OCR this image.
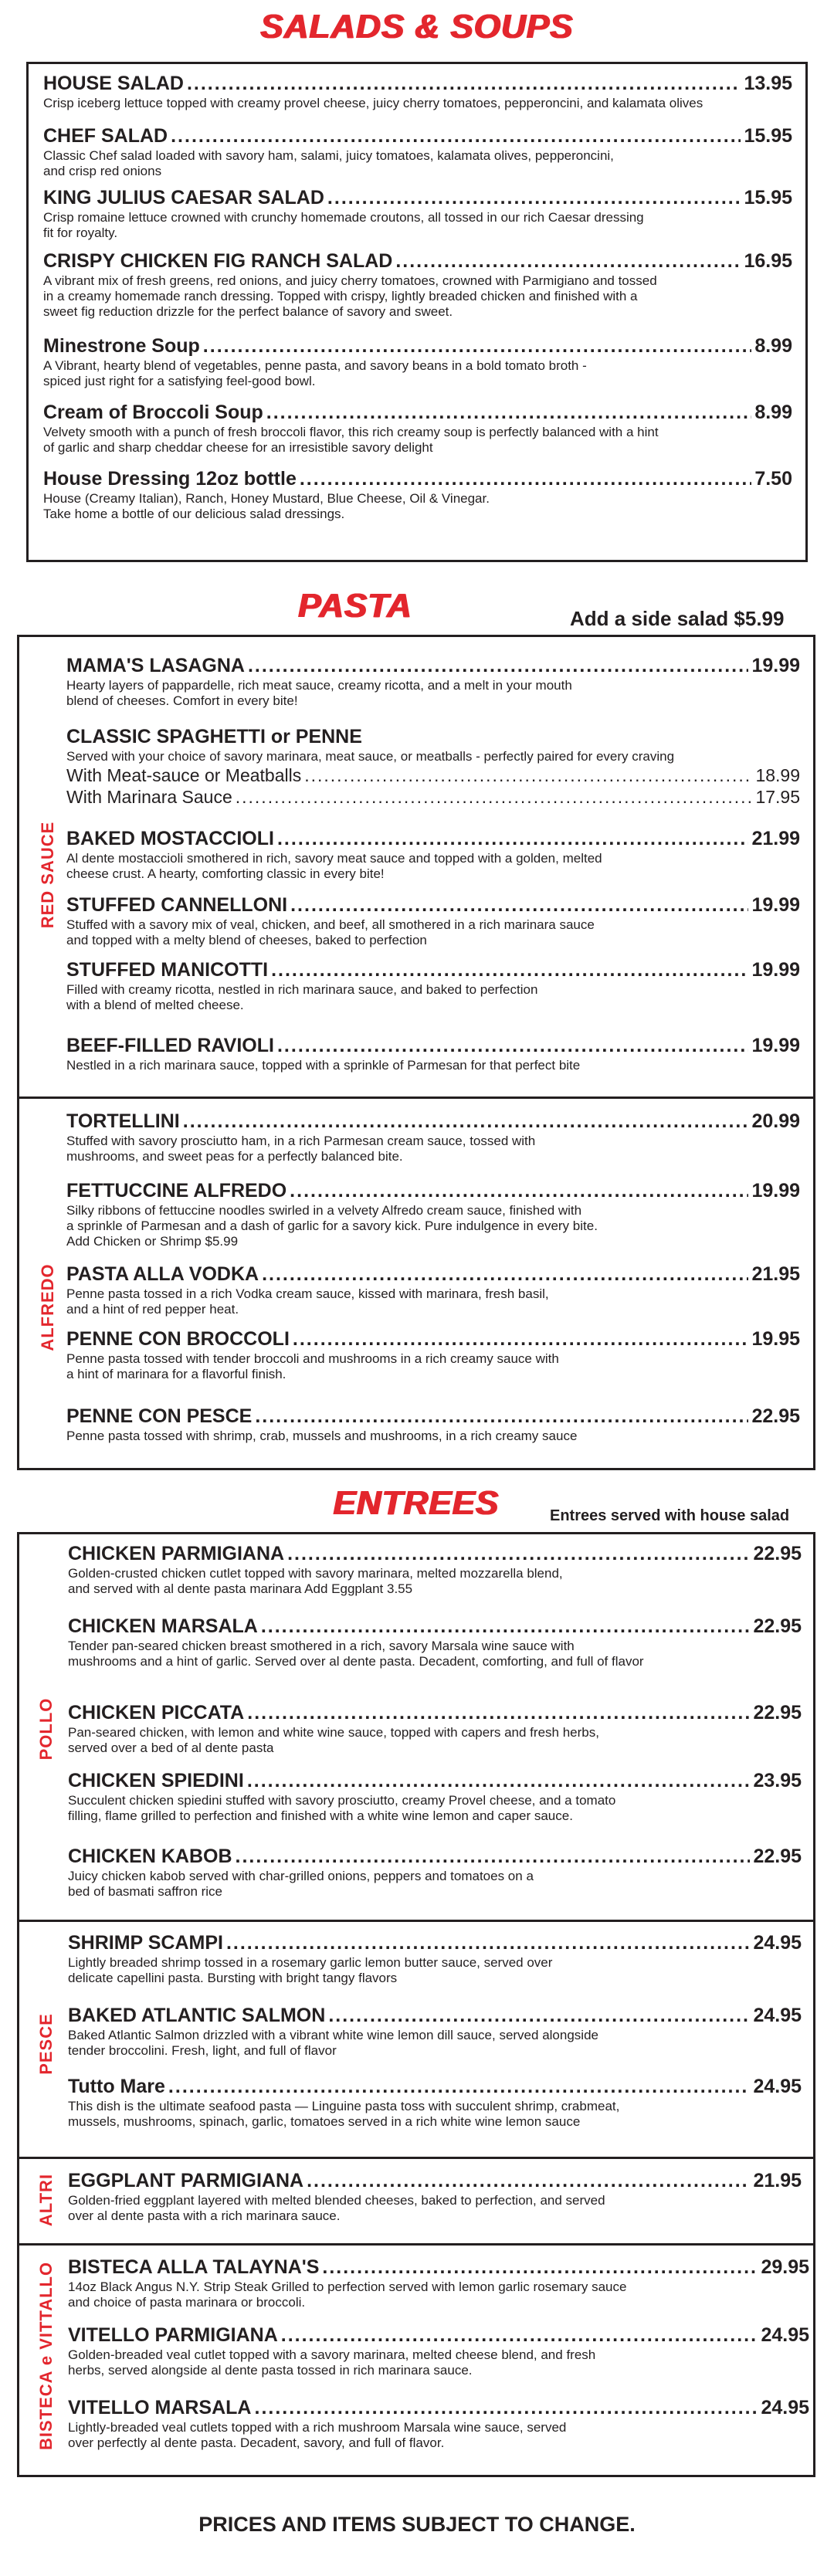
SALADS & SOUPS
HOUSE SALAD .....	13.95
Crisp iceberg lettuce topped with creamy provel cheese, juicy cherry tomatoes, pepperoncini, and kalamata olives
CHEF SALAD .....	15.95
Classic Chef salad loaded with savory ham, salami, juicy tomatoes, kalamata olives, pepperoncini,
and crisp red onions
KING JULIUS CAESAR SALAD .....	15.95
Crisp romaine lettuce crowned with crunchy homemade croutons, all tossed in our rich Caesar dressing
fit for royalty.
CRISPY CHICKEN FIG RANCH SALAD .....	16.95
A vibrant mix of fresh greens, red onions, and juicy cherry tomatoes, crowned with Parmigiano and tossed
in a creamy homemade ranch dressing. Topped with crispy, lightly breaded chicken and finished with a
sweet fig reduction drizzle for the perfect balance of savory and sweet.
Minestrone Soup .....	8.99
A Vibrant, hearty blend of vegetables, penne pasta, and savory beans in a bold tomato broth -
spiced just right for a satisfying feel-good bowl.
Cream of Broccoli Soup .....	8.99
Velvety smooth with a punch of fresh broccoli flavor, this rich creamy soup is perfectly balanced with a hint
of garlic and sharp cheddar cheese for an irresistible savory delight
House Dressing 12oz bottle .....	7.50
House (Creamy Italian), Ranch, Honey Mustard, Blue Cheese, Oil & Vinegar.
Take home a bottle of our delicious salad dressings.
PASTA	Add a side salad $5.99
RED SAUCE
ALFREDO
MAMA'S LASAGNA .....	19.99
Hearty layers of pappardelle, rich meat sauce, creamy ricotta, and a melt in your mouth
blend of cheeses. Comfort in every bite!
CLASSIC SPAGHETTI or PENNE
Served with your choice of savory marinara, meat sauce, or meatballs - perfectly paired for every craving
BAKED MOSTACCIOLI .....	21.99
Al dente mostaccioli smothered in rich, savory meat sauce and topped with a golden, melted
cheese crust. A hearty, comforting classic in every bite!
STUFFED CANNELLONI .....	19.99
Stuffed with a savory mix of veal, chicken, and beef, all smothered in a rich marinara sauce
and topped with a melty blend of cheeses, baked to perfection
STUFFED MANICOTTI .....	19.99
Filled with creamy ricotta, nestled in rich marinara sauce, and baked to perfection
with a blend of melted cheese.
BEEF-FILLED RAVIOLI .....	19.99
Nestled in a rich marinara sauce, topped with a sprinkle of Parmesan for that perfect bite
With Meat-sauce or Meatballs .....	18.99
With Marinara Sauce .....	17.95
TORTELLINI .....	20.99
Stuffed with savory prosciutto ham, in a rich Parmesan cream sauce, tossed with
mushrooms, and sweet peas for a perfectly balanced bite.
FETTUCCINE ALFREDO .....	19.99
Silky ribbons of fettuccine noodles swirled in a velvety Alfredo cream sauce, finished with
a sprinkle of Parmesan and a dash of garlic for a savory kick. Pure indulgence in every bite.
Add Chicken or Shrimp $5.99
PASTA ALLA VODKA .....	21.95
Penne pasta tossed in a rich Vodka cream sauce, kissed with marinara, fresh basil,
and a hint of red pepper heat.
PENNE CON BROCCOLI .....	19.95
Penne pasta tossed with tender broccoli and mushrooms in a rich creamy sauce with
a hint of marinara for a flavorful finish.
PENNE CON PESCE .....	22.95
Penne pasta tossed with shrimp, crab, mussels and mushrooms, in a rich creamy sauce
ENTREES	Entrees served with house salad
POLLO
PESCE
ALTRI
BISTECA e VITTALLO
CHICKEN PARMIGIANA .....	22.95
Golden-crusted chicken cutlet topped with savory marinara, melted mozzarella blend,
and served with al dente pasta marinara Add Eggplant 3.55
CHICKEN MARSALA .....	22.95
Tender pan-seared chicken breast smothered in a rich, savory Marsala wine sauce with
mushrooms and a hint of garlic. Served over al dente pasta. Decadent, comforting, and full of flavor
CHICKEN PICCATA .....	22.95
Pan-seared chicken, with lemon and white wine sauce, topped with capers and fresh herbs,
served over a bed of al dente pasta
CHICKEN SPIEDINI .....	23.95
Succulent chicken spiedini stuffed with savory prosciutto, creamy Provel cheese, and a tomato
filling, flame grilled to perfection and finished with a white wine lemon and caper sauce.
CHICKEN KABOB .....	22.95
Juicy chicken kabob served with char-grilled onions, peppers and tomatoes on a
bed of basmati saffron rice
SHRIMP SCAMPI .....	24.95
Lightly breaded shrimp tossed in a rosemary garlic lemon butter sauce, served over
delicate capellini pasta. Bursting with bright tangy flavors
BAKED ATLANTIC SALMON .....	24.95
Baked Atlantic Salmon drizzled with a vibrant white wine lemon dill sauce, served alongside
tender broccolini. Fresh, light, and full of flavor
Tutto Mare .....	24.95
This dish is the ultimate seafood pasta — Linguine pasta toss with succulent shrimp, crabmeat,
mussels, mushrooms, spinach, garlic, tomatoes served in a rich white wine lemon sauce
EGGPLANT PARMIGIANA .....	21.95
Golden-fried eggplant layered with melted blended cheeses, baked to perfection, and served
over al dente pasta with a rich marinara sauce.
BISTECA ALLA TALAYNA'S .....	29.95
14oz Black Angus N.Y. Strip Steak Grilled to perfection served with lemon garlic rosemary sauce
and choice of pasta marinara or broccoli.
VITELLO PARMIGIANA .....	24.95
Golden-breaded veal cutlet topped with a savory marinara, melted cheese blend, and fresh
herbs, served alongside al dente pasta tossed in rich marinara sauce.
VITELLO MARSALA .....	24.95
Lightly-breaded veal cutlets topped with a rich mushroom Marsala wine sauce, served
over perfectly al dente pasta. Decadent, savory, and full of flavor.
PRICES AND ITEMS SUBJECT TO CHANGE.
